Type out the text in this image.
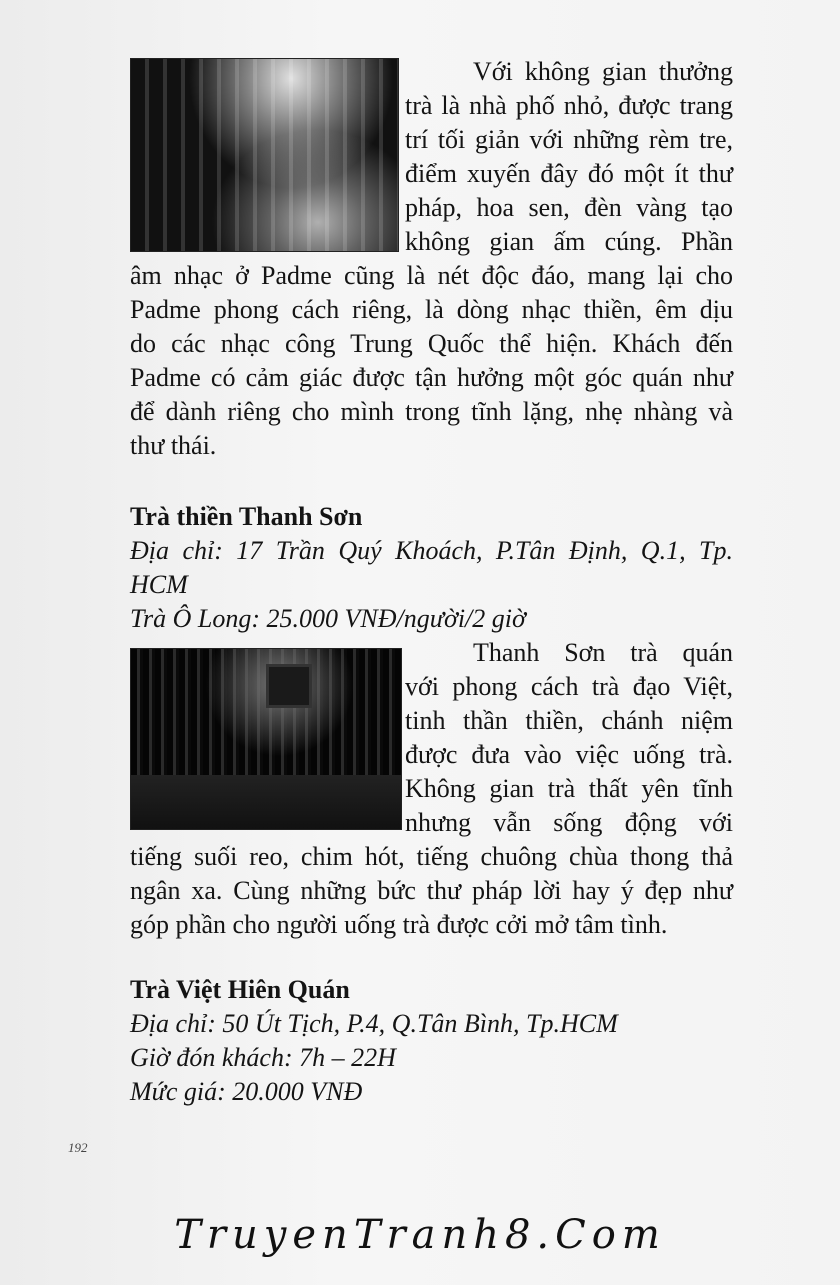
Với không gian thưởng
trà là nhà phố nhỏ, được trang
trí tối giản với những rèm tre,
điểm xuyến đây đó một ít thư
pháp, hoa sen, đèn vàng tạo
không gian ấm cúng. Phần
âm nhạc ở Padme cũng là nét độc đáo, mang lại cho
Padme phong cách riêng, là dòng nhạc thiền, êm dịu
do các nhạc công Trung Quốc thể hiện. Khách đến
Padme có cảm giác được tận hưởng một góc quán như
để dành riêng cho mình trong tĩnh lặng, nhẹ nhàng và
thư thái.
Trà thiền Thanh Sơn
Địa chỉ: 17 Trần Quý Khoách, P.Tân Định, Q.1, Tp.
HCM
Trà Ô Long: 25.000 VNĐ/người/2 giờ
Thanh Sơn trà quán
với phong cách trà đạo Việt,
tinh thần thiền, chánh niệm
được đưa vào việc uống trà.
Không gian trà thất yên tĩnh
nhưng vẫn sống động với
tiếng suối reo, chim hót, tiếng chuông chùa thong thả
ngân xa. Cùng những bức thư pháp lời hay ý đẹp như
góp phần cho người uống trà được cởi mở tâm tình.
Trà Việt Hiên Quán
Địa chỉ: 50 Út Tịch, P.4, Q.Tân Bình, Tp.HCM
Giờ đón khách: 7h – 22H
Mức giá: 20.000 VNĐ
192
TruyenTranh8.Com
